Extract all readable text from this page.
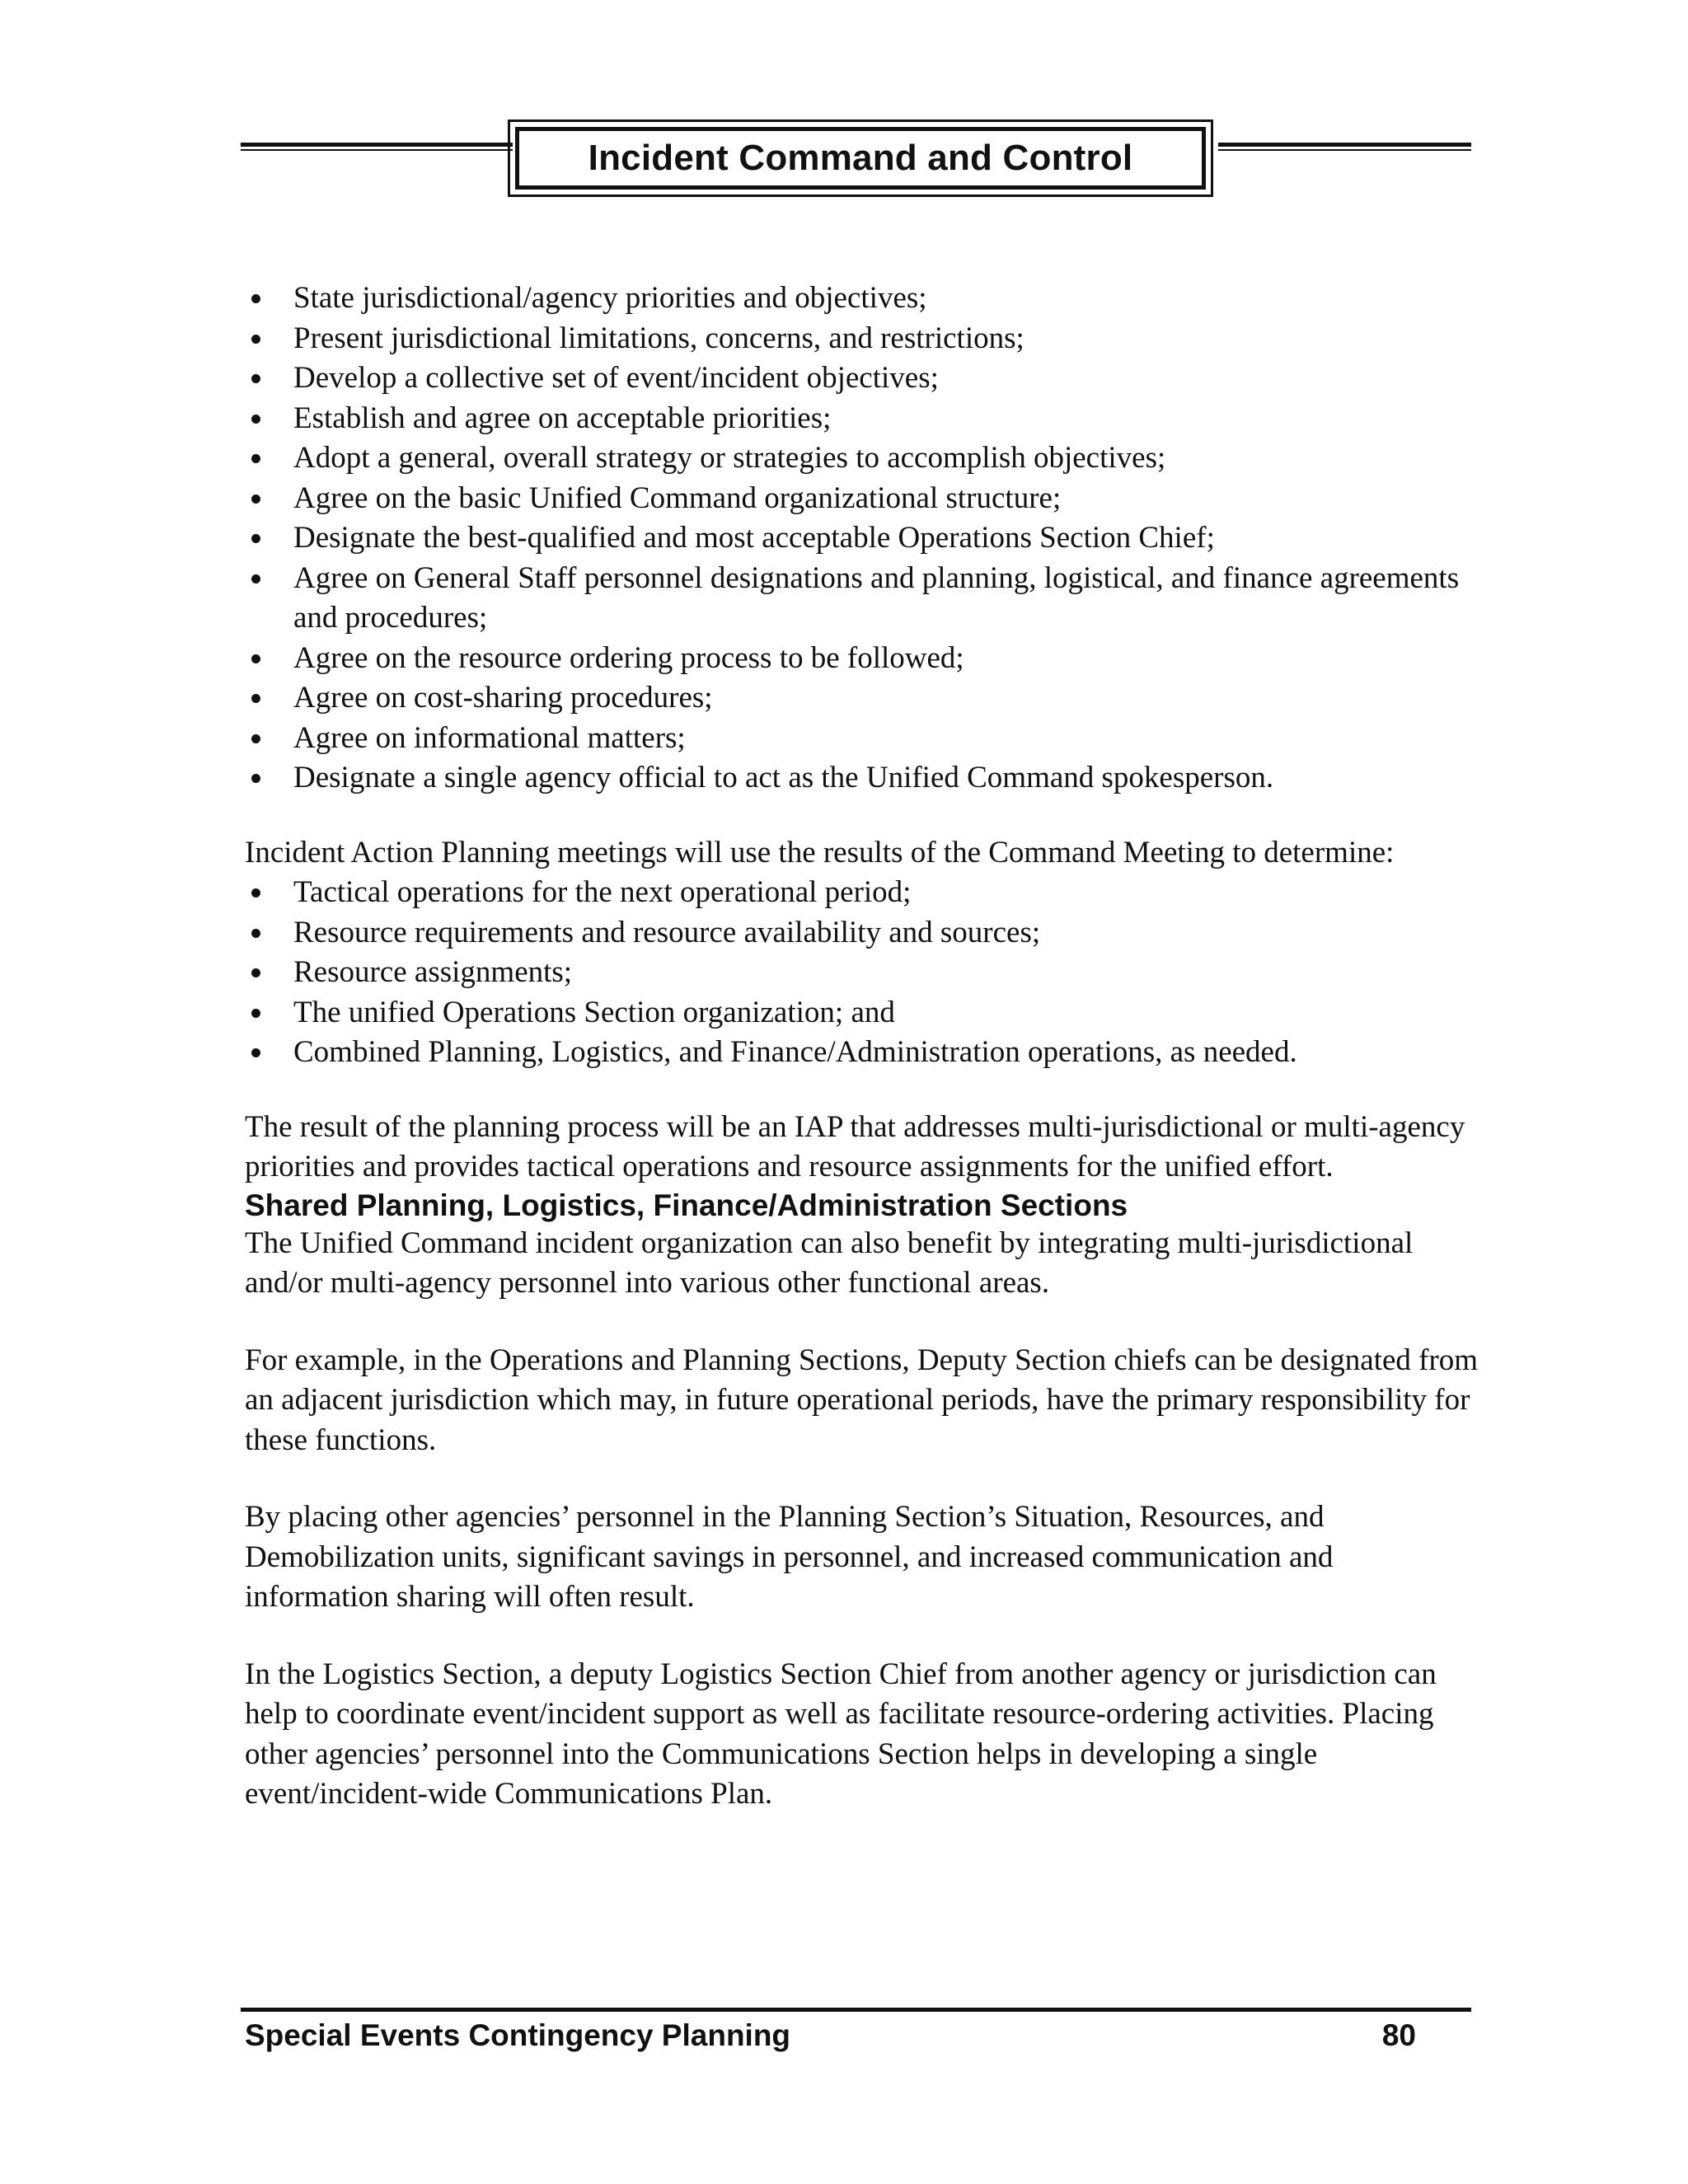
Incident Command and Control
State jurisdictional/agency priorities and objectives;
Present jurisdictional limitations, concerns, and restrictions;
Develop a collective set of event/incident objectives;
Establish and agree on acceptable priorities;
Adopt a general, overall strategy or strategies to accomplish objectives;
Agree on the basic Unified Command organizational structure;
Designate the best-qualified and most acceptable Operations Section Chief;
Agree on General Staff personnel designations and planning, logistical, and finance agreements and procedures;
Agree on the resource ordering process to be followed;
Agree on cost-sharing procedures;
Agree on informational matters;
Designate a single agency official to act as the Unified Command spokesperson.

Incident Action Planning meetings will use the results of the Command Meeting to determine:

Tactical operations for the next operational period;
Resource requirements and resource availability and sources;
Resource assignments;
The unified Operations Section organization; and
Combined Planning, Logistics, and Finance/Administration operations, as needed.

The result of the planning process will be an IAP that addresses multi-jurisdictional or multi-agency priorities and provides tactical operations and resource assignments for the unified effort.

Shared Planning, Logistics, Finance/Administration Sections

The Unified Command incident organization can also benefit by integrating multi-jurisdictional and/or multi-agency personnel into various other functional areas.

For example, in the Operations and Planning Sections, Deputy Section chiefs can be designated from an adjacent jurisdiction which may, in future operational periods, have the primary responsibility for these functions.

By placing other agencies’ personnel in the Planning Section’s Situation, Resources, and Demobilization units, significant savings in personnel, and increased communication and information sharing will often result.

In the Logistics Section, a deputy Logistics Section Chief from another agency or jurisdiction can help to coordinate event/incident support as well as facilitate resource-ordering activities. Placing other agencies’ personnel into the Communications Section helps in developing a single event/incident-wide Communications Plan.

Special Events Contingency Planning	80
